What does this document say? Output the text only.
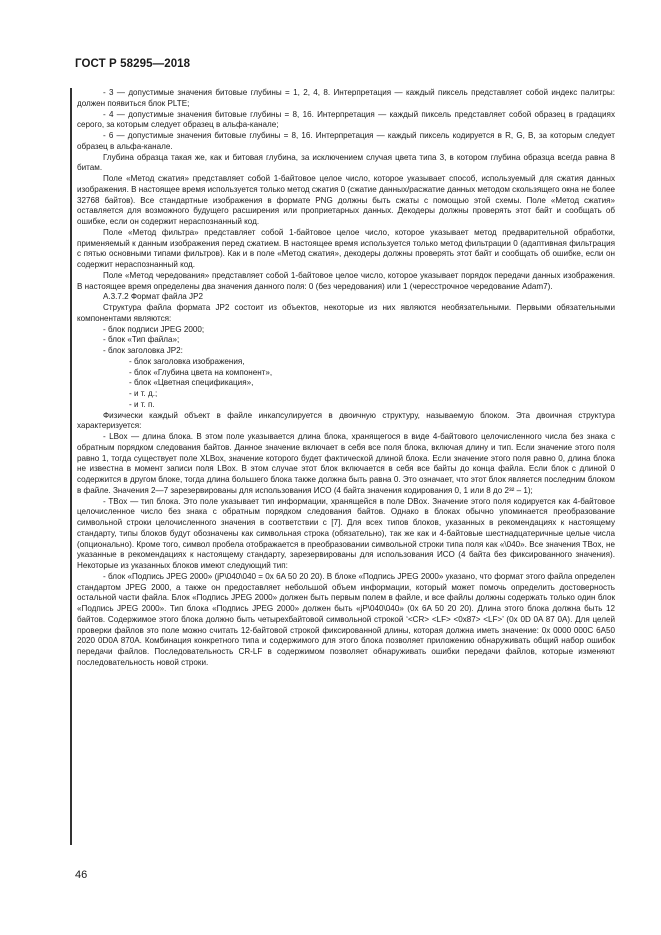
ГОСТ Р 58295—2018

- 3 — допустимые значения битовые глубины = 1, 2, 4, 8. Интерпретация — каждый пиксель представляет собой индекс палитры: должен появиться блок PLTE;

- 4 — допустимые значения битовые глубины = 8, 16. Интерпретация — каждый пиксель представляет собой образец в градациях серого, за которым следует образец в альфа-канале;

- 6 — допустимые значения битовые глубины = 8, 16. Интерпретация — каждый пиксель кодируется в R, G, B, за которым следует образец в альфа-канале.

Глубина образца такая же, как и битовая глубина, за исключением случая цвета типа 3, в котором глубина образца всегда равна 8 битам.

Поле «Метод сжатия» представляет собой 1-байтовое целое число, которое указывает способ, используемый для сжатия данных изображения. В настоящее время используется только метод сжатия 0 (сжатие данных/расжатие данных методом скользящего окна не более 32768 байтов). Все стандартные изображения в формате PNG должны быть сжаты с помощью этой схемы. Поле «Метод сжатия» оставляется для возможного будущего расширения или проприетарных данных. Декодеры должны проверять этот байт и сообщать об ошибке, если он содержит нераспознанный код.

Поле «Метод фильтра» представляет собой 1-байтовое целое число, которое указывает метод предварительной обработки, применяемый к данным изображения перед сжатием. В настоящее время используется только метод фильтрации 0 (адаптивная фильтрация с пятью основными типами фильтров). Как и в поле «Метод сжатия», декодеры должны проверять этот байт и сообщать об ошибке, если он содержит нераспознанный код.

Поле «Метод чередования» представляет собой 1-байтовое целое число, которое указывает порядок передачи данных изображения. В настоящее время определены два значения данного поля: 0 (без чередования) или 1 (чересстрочное чередование Adam7).

А.3.7.2 Формат файла JP2

Структура файла формата JP2 состоит из объектов, некоторые из них являются необязательными. Первыми обязательными компонентами являются:

- блок подписи JPEG 2000;

- блок «Тип файла»;

- блок заголовка JP2:

- блок заголовка изображения,

- блок «Глубина цвета на компонент»,

- блок «Цветная спецификация»,

- и т. д.;

- и т. п.

Физически каждый объект в файле инкапсулируется в двоичную структуру, называемую блоком. Эта двоичная структура характеризуется:

- LBox — длина блока. В этом поле указывается длина блока, хранящегося в виде 4-байтового целочисленного числа без знака с обратным порядком следования байтов. Данное значение включает в себя все поля блока, включая длину и тип. Если значение этого поля равно 1, тогда существует поле XLBox, значение которого будет фактической длиной блока. Если значение этого поля равно 0, длина блока не известна в момент записи поля LBox. В этом случае этот блок включается в себя все байты до конца файла. Если блок с длиной 0 содержится в другом блоке, тогда длина большего блока также должна быть равна 0. Это означает, что этот блок является последним блоком в файле. Значения 2—7 зарезервированы для использования ИСО (4 байта значения кодирования 0, 1 или 8 до 2³² – 1);

- TBox — тип блока. Это поле указывает тип информации, хранящейся в поле DBox. Значение этого поля кодируется как 4-байтовое целочисленное число без знака с обратным порядком следования байтов. Однако в блоках обычно упоминается преобразование символьной строки целочисленного значения в соответствии с [7]. Для всех типов блоков, указанных в рекомендациях к настоящему стандарту, типы блоков будут обозначены как символьная строка (обязательно), так же как и 4-байтовые шестнадцатеричные целые числа (опционально). Кроме того, символ пробела отображается в преобразовании символьной строки типа поля как «\040». Все значения TBox, не указанные в рекомендациях к настоящему стандарту, зарезервированы для использования ИСО (4 байта без фиксированного значения). Некоторые из указанных блоков имеют следующий тип:

- блок «Подпись JPEG 2000» (jP\040\040 = 0x 6A 50 20 20). В блоке «Подпись JPEG 2000» указано, что формат этого файла определен стандартом JPEG 2000, а также он предоставляет небольшой объем информации, который может помочь определить достоверность остальной части файла. Блок «Подпись JPEG 2000» должен быть первым полем в файле, и все файлы должны содержать только один блок «Подпись JPEG 2000». Тип блока «Подпись JPEG 2000» должен быть «jP\040\040» (0x 6A 50 20 20). Длина этого блока должна быть 12 байтов. Содержимое этого блока должно быть четырехбайтовой символьной строкой ‘<CR> <LF> <0x87> <LF>’ (0x 0D 0A 87 0A). Для целей проверки файлов это поле можно считать 12-байтовой строкой фиксированной длины, которая должна иметь значение: 0x 0000 000C 6A50 2020 0D0A 870A. Комбинация конкретного типа и содержимого для этого блока позволяет приложению обнаруживать общий набор ошибок передачи файлов. Последовательность CR-LF в содержимом позволяет обнаруживать ошибки передачи файлов, которые изменяют последовательность новой строки.

46
